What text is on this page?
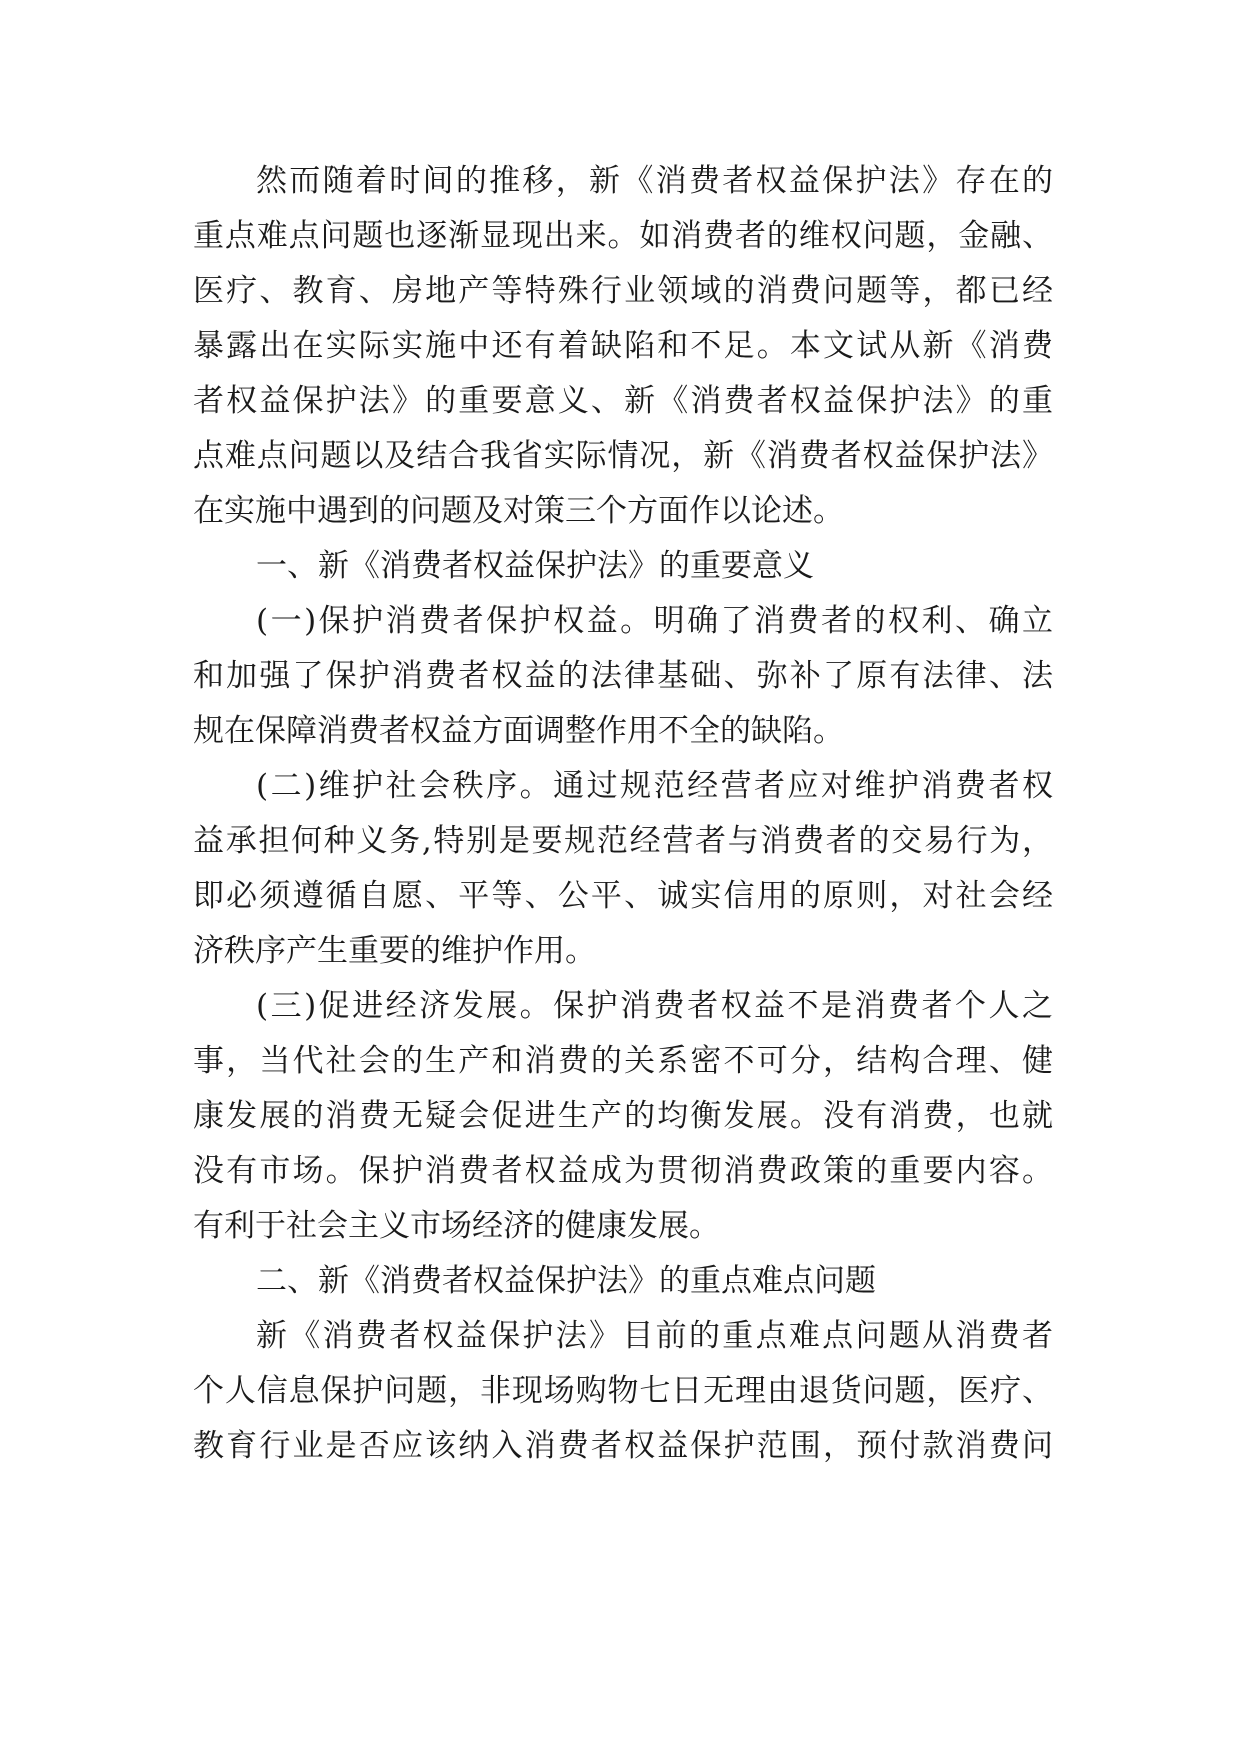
然而随着时间的推移，新《消费者权益保护法》存在的
重点难点问题也逐渐显现出来。如消费者的维权问题，金融、
医疗、教育、房地产等特殊行业领域的消费问题等，都已经
暴露出在实际实施中还有着缺陷和不足。本文试从新《消费
者权益保护法》的重要意义、新《消费者权益保护法》的重
点难点问题以及结合我省实际情况，新《消费者权益保护法》
在实施中遇到的问题及对策三个方面作以论述。
一、新《消费者权益保护法》的重要意义
(一)保护消费者保护权益。明确了消费者的权利、确立
和加强了保护消费者权益的法律基础、弥补了原有法律、法
规在保障消费者权益方面调整作用不全的缺陷。
(二)维护社会秩序。通过规范经营者应对维护消费者权
益承担何种义务,特别是要规范经营者与消费者的交易行为，
即必须遵循自愿、平等、公平、诚实信用的原则，对社会经
济秩序产生重要的维护作用。
(三)促进经济发展。保护消费者权益不是消费者个人之
事，当代社会的生产和消费的关系密不可分，结构合理、健
康发展的消费无疑会促进生产的均衡发展。没有消费，也就
没有市场。保护消费者权益成为贯彻消费政策的重要内容。
有利于社会主义市场经济的健康发展。
二、新《消费者权益保护法》的重点难点问题
新《消费者权益保护法》目前的重点难点问题从消费者
个人信息保护问题，非现场购物七日无理由退货问题，医疗、
教育行业是否应该纳入消费者权益保护范围，预付款消费问
